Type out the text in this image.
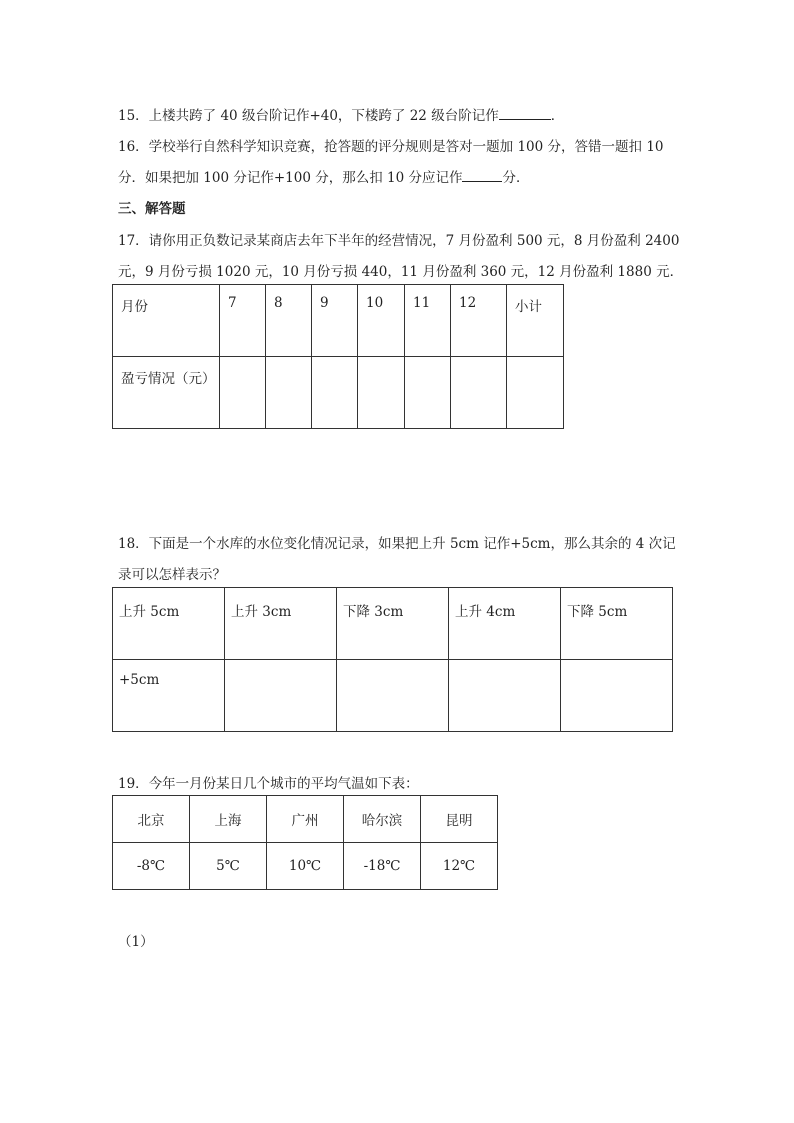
15．上楼共跨了 40 级台阶记作+40，下楼跨了 22 级台阶记作	．
16．学校举行自然科学知识竞赛，抢答题的评分规则是答对一题加 100 分，答错一题扣 10
分．如果把加 100 分记作+100 分，那么扣 10 分应记作	分．
三、解答题
17．请你用正负数记录某商店去年下半年的经营情况，7 月份盈利 500 元，8 月份盈利 2400
元，9 月份亏损 1020 元，10 月份亏损 440，11 月份盈利 360 元，12 月份盈利 1880 元．
月份	7	8	9	10	11	12	小计
盈亏情况（元）							
18．下面是一个水库的水位变化情况记录，如果把上升 5cm 记作+5cm，那么其余的 4 次记
录可以怎样表示？
上升 5cm	上升 3cm	下降 3cm	上升 4cm	下降 5cm
+5cm				
19．今年一月份某日几个城市的平均气温如下表：
北京	上海	广州	哈尔滨	昆明
-8℃	5℃	10℃	-18℃	12℃
（1）
